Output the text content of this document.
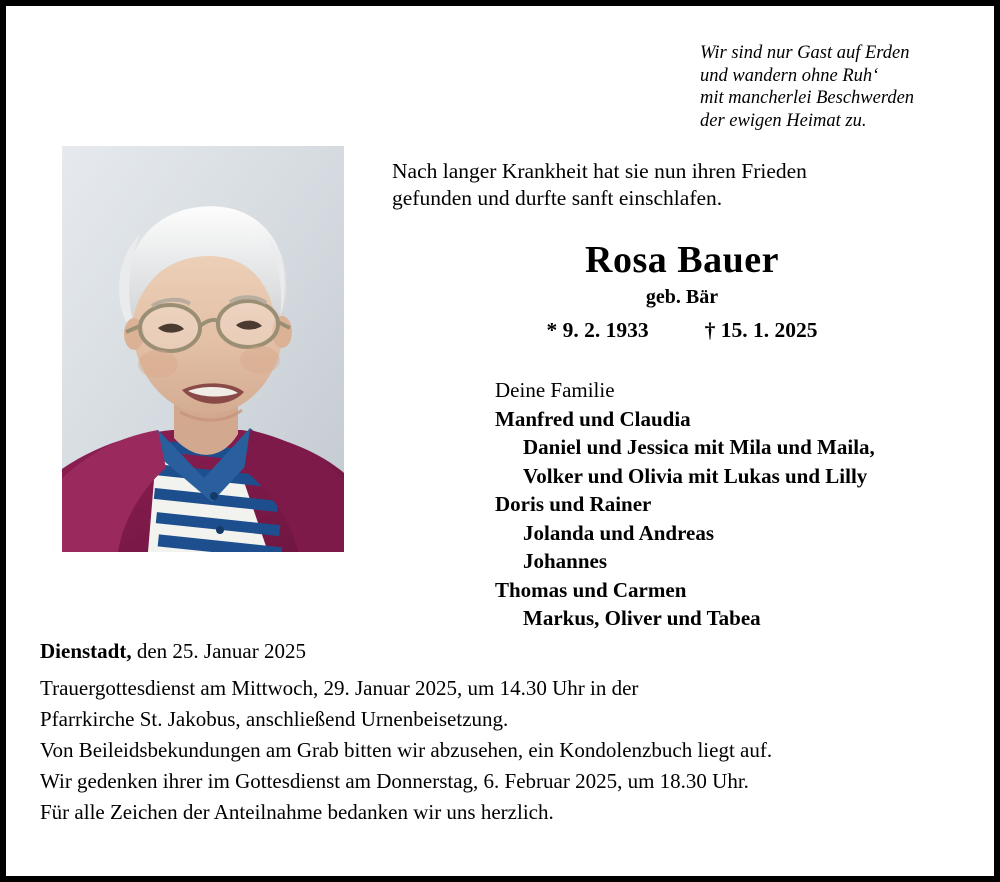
Wir sind nur Gast auf Erden
und wandern ohne Ruh‘
mit mancherlei Beschwerden
der ewigen Heimat zu.
Nach langer Krankheit hat sie nun ihren Frieden
gefunden und durfte sanft einschlafen.
Rosa Bauer
geb. Bär
* 9. 2. 1933	† 15. 1. 2025
Deine Familie
Manfred und Claudia
Daniel und Jessica mit Mila und Maila,
Volker und Olivia mit Lukas und Lilly
Doris und Rainer
Jolanda und Andreas
Johannes
Thomas und Carmen
Markus, Oliver und Tabea
Dienstadt, den 25. Januar 2025
Trauergottesdienst am Mittwoch, 29. Januar 2025, um 14.30 Uhr in der
Pfarrkirche St. Jakobus, anschließend Urnenbeisetzung.
Von Beileidsbekundungen am Grab bitten wir abzusehen, ein Kondolenzbuch liegt auf.
Wir gedenken ihrer im Gottesdienst am Donnerstag, 6. Februar 2025, um 18.30 Uhr.
Für alle Zeichen der Anteilnahme bedanken wir uns herzlich.
